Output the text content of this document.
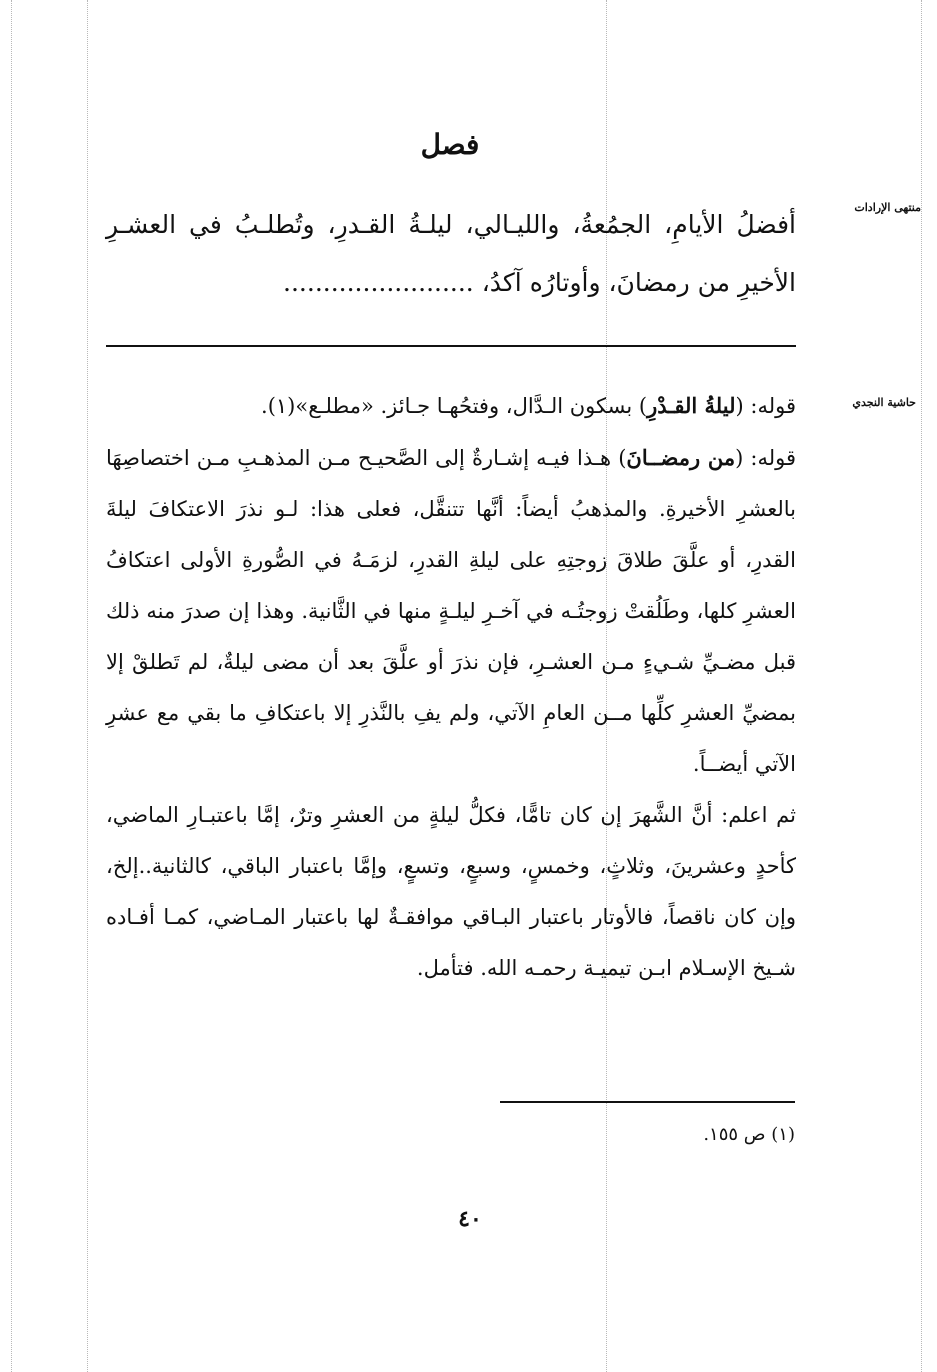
فصل
منتهى الإرادات
حاشية النجدي
أفضلُ الأيامِ، الجمُعةُ، والليـالي، ليلـةُ القـدرِ، وتُطلـبُ في العشـرِ الأخيرِ من رمضانَ، وأوتارُه آكدُ، ........................

قوله: (ليلةُ القـدْرِ) بسكون الـدَّال، وفتحُهـا جـائز. «مطلـع»(١).

قوله: (من رمضــانَ) هـذا فيـه إشـارةٌ إلى الصَّحيـح مـن المذهـبِ مـن اختصاصِهَا بالعشرِ الأخيرةِ. والمذهبُ أيضاً: أنَّها تتنقَّل، فعلى هذا: لـو نذرَ الاعتكافَ ليلةَ القدرِ، أو علَّقَ طلاقَ زوجتِهِ على ليلةِ القدرِ، لزمَـهُ في الصُّورةِ الأولى اعتكافُ العشرِ كلها، وطَلُقتْ زوجتُـه في آخـرِ ليلـةٍ منها في الثَّانية. وهذا إن صدرَ منه ذلك قبل مضـيِّ شـيءٍ مـن العشـرِ، فإن نذرَ أو علَّقَ بعد أن مضى ليلةٌ، لم تَطلقْ إلا بمضيِّ العشرِ كلِّها مــن العامِ الآتي، ولم يفِ بالنَّذرِ إلا باعتكافِ ما بقي مع عشرِ الآتي أيضــاً.

ثم اعلم: أنَّ الشَّهرَ إن كان تامًّا، فكلُّ ليلةٍ من العشرِ وترٌ، إمَّا باعتبـارِ الماضي، كأحدٍ وعشرينَ، وثلاثٍ، وخمسٍ، وسبعٍ، وتسعٍ، وإمَّا باعتبار الباقي، كالثانية..إلخ، وإن كان ناقصاً، فالأوتار باعتبار البـاقي موافقـةٌ لها باعتبار المـاضي، كمـا أفـاده شـيخ الإسـلام ابـن تيميـة رحمـه الله. فتأمل.

(١) ص ١٥٥.
٤٠
